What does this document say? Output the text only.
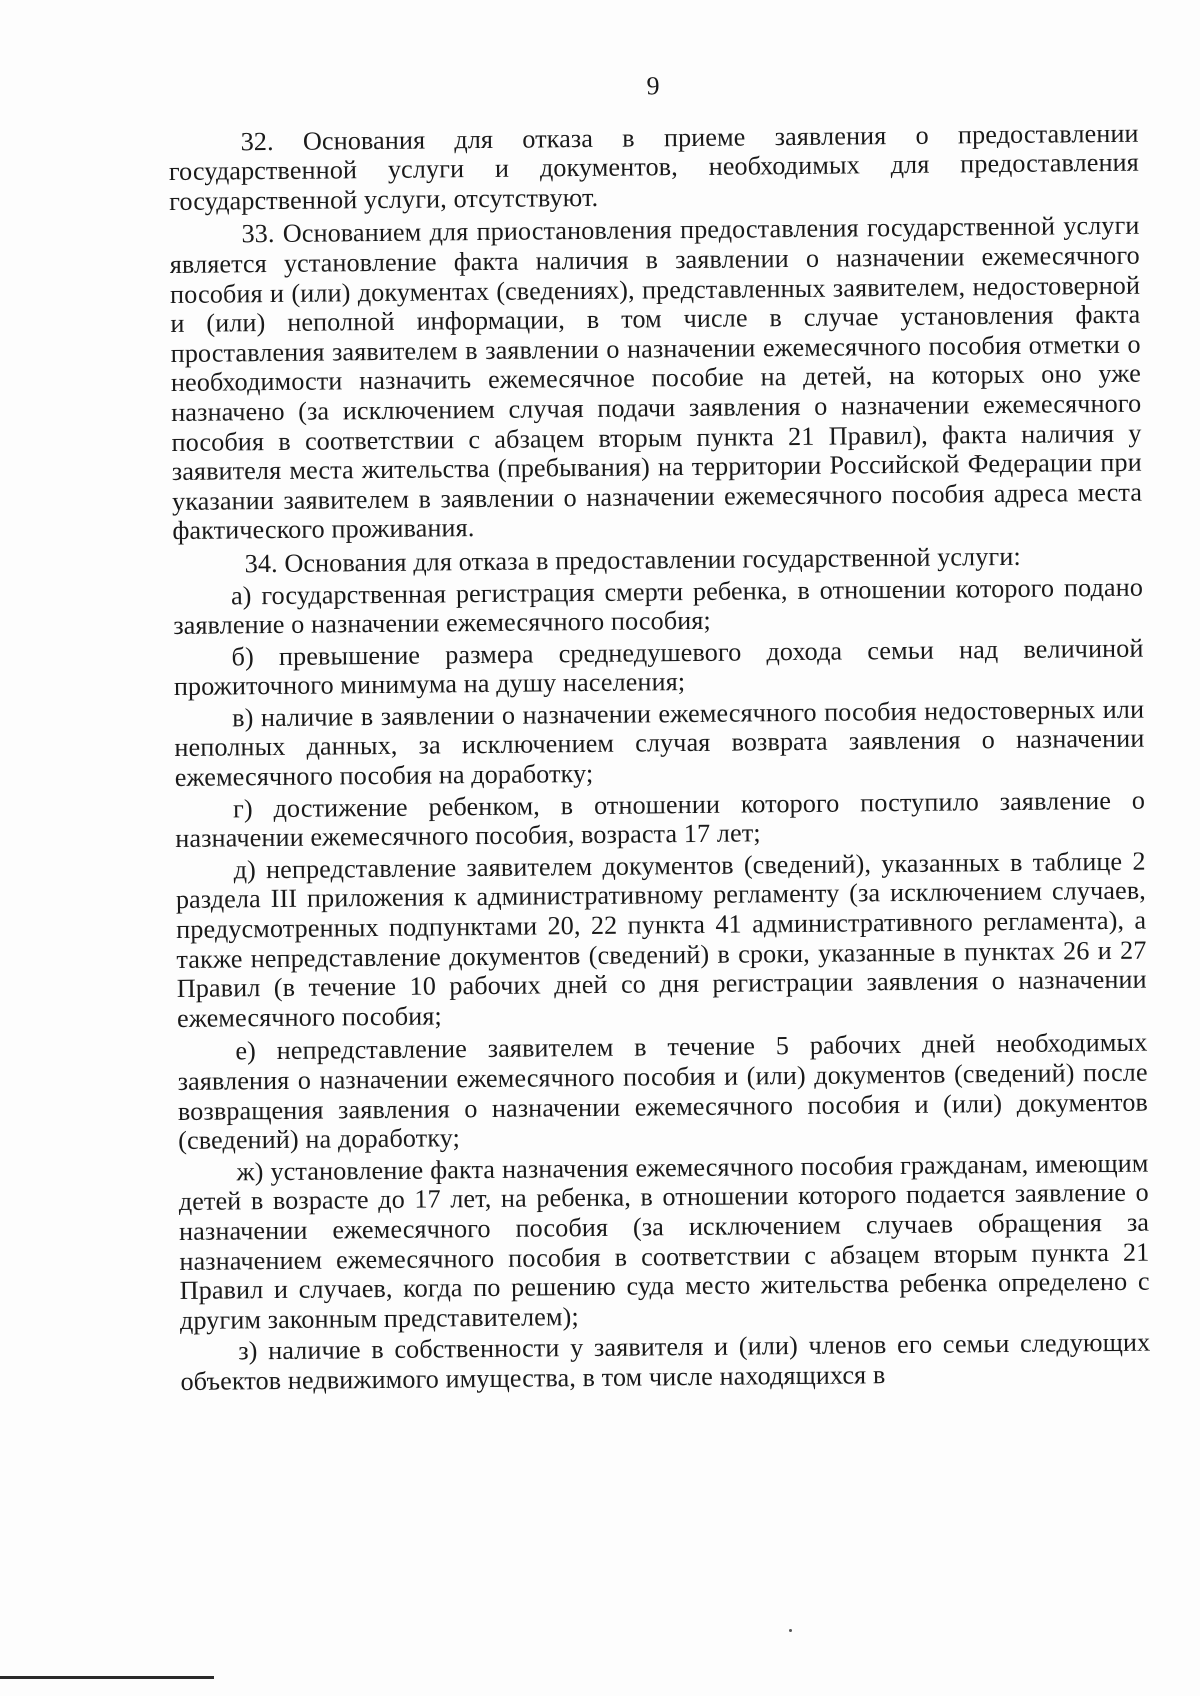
9

32. Основания для отказа в приеме заявления о предоставлении государственной услуги и документов, необходимых для предоставления государственной услуги, отсутствуют.

33. Основанием для приостановления предоставления государственной услуги является установление факта наличия в заявлении о назначении ежемесячного пособия и (или) документах (сведениях), представленных заявителем, недостоверной и (или) неполной информации, в том числе в случае установления факта проставления заявителем в заявлении о назначении ежемесячного пособия отметки о необходимости назначить ежемесячное пособие на детей, на которых оно уже назначено (за исключением случая подачи заявления о назначении ежемесячного пособия в соответствии с абзацем вторым пункта 21 Правил), факта наличия у заявителя места жительства (пребывания) на территории Российской Федерации при указании заявителем в заявлении о назначении ежемесячного пособия адреса места фактического проживания.

34. Основания для отказа в предоставлении государственной услуги:

а) государственная регистрация смерти ребенка, в отношении которого подано заявление о назначении ежемесячного пособия;

б) превышение размера среднедушевого дохода семьи над величиной прожиточного минимума на душу населения;

в) наличие в заявлении о назначении ежемесячного пособия недостоверных или неполных данных, за исключением случая возврата заявления о назначении ежемесячного пособия на доработку;

г) достижение ребенком, в отношении которого поступило заявление о назначении ежемесячного пособия, возраста 17 лет;

д) непредставление заявителем документов (сведений), указанных в таблице 2 раздела III приложения к административному регламенту (за исключением случаев, предусмотренных подпунктами 20, 22 пункта 41 административного регламента), а также непредставление документов (сведений) в сроки, указанные в пунктах 26 и 27 Правил (в течение 10 рабочих дней со дня регистрации заявления о назначении ежемесячного пособия;

е) непредставление заявителем в течение 5 рабочих дней необходимых заявления о назначении ежемесячного пособия и (или) документов (сведений) после возвращения заявления о назначении ежемесячного пособия и (или) документов (сведений) на доработку;

ж) установление факта назначения ежемесячного пособия гражданам, имеющим детей в возрасте до 17 лет, на ребенка, в отношении которого подается заявление о назначении ежемесячного пособия (за исключением случаев обращения за назначением ежемесячного пособия в соответствии с абзацем вторым пункта 21 Правил и случаев, когда по решению суда место жительства ребенка определено с другим законным представителем);

з) наличие в собственности у заявителя и (или) членов его семьи следующих объектов недвижимого имущества, в том числе находящихся в
